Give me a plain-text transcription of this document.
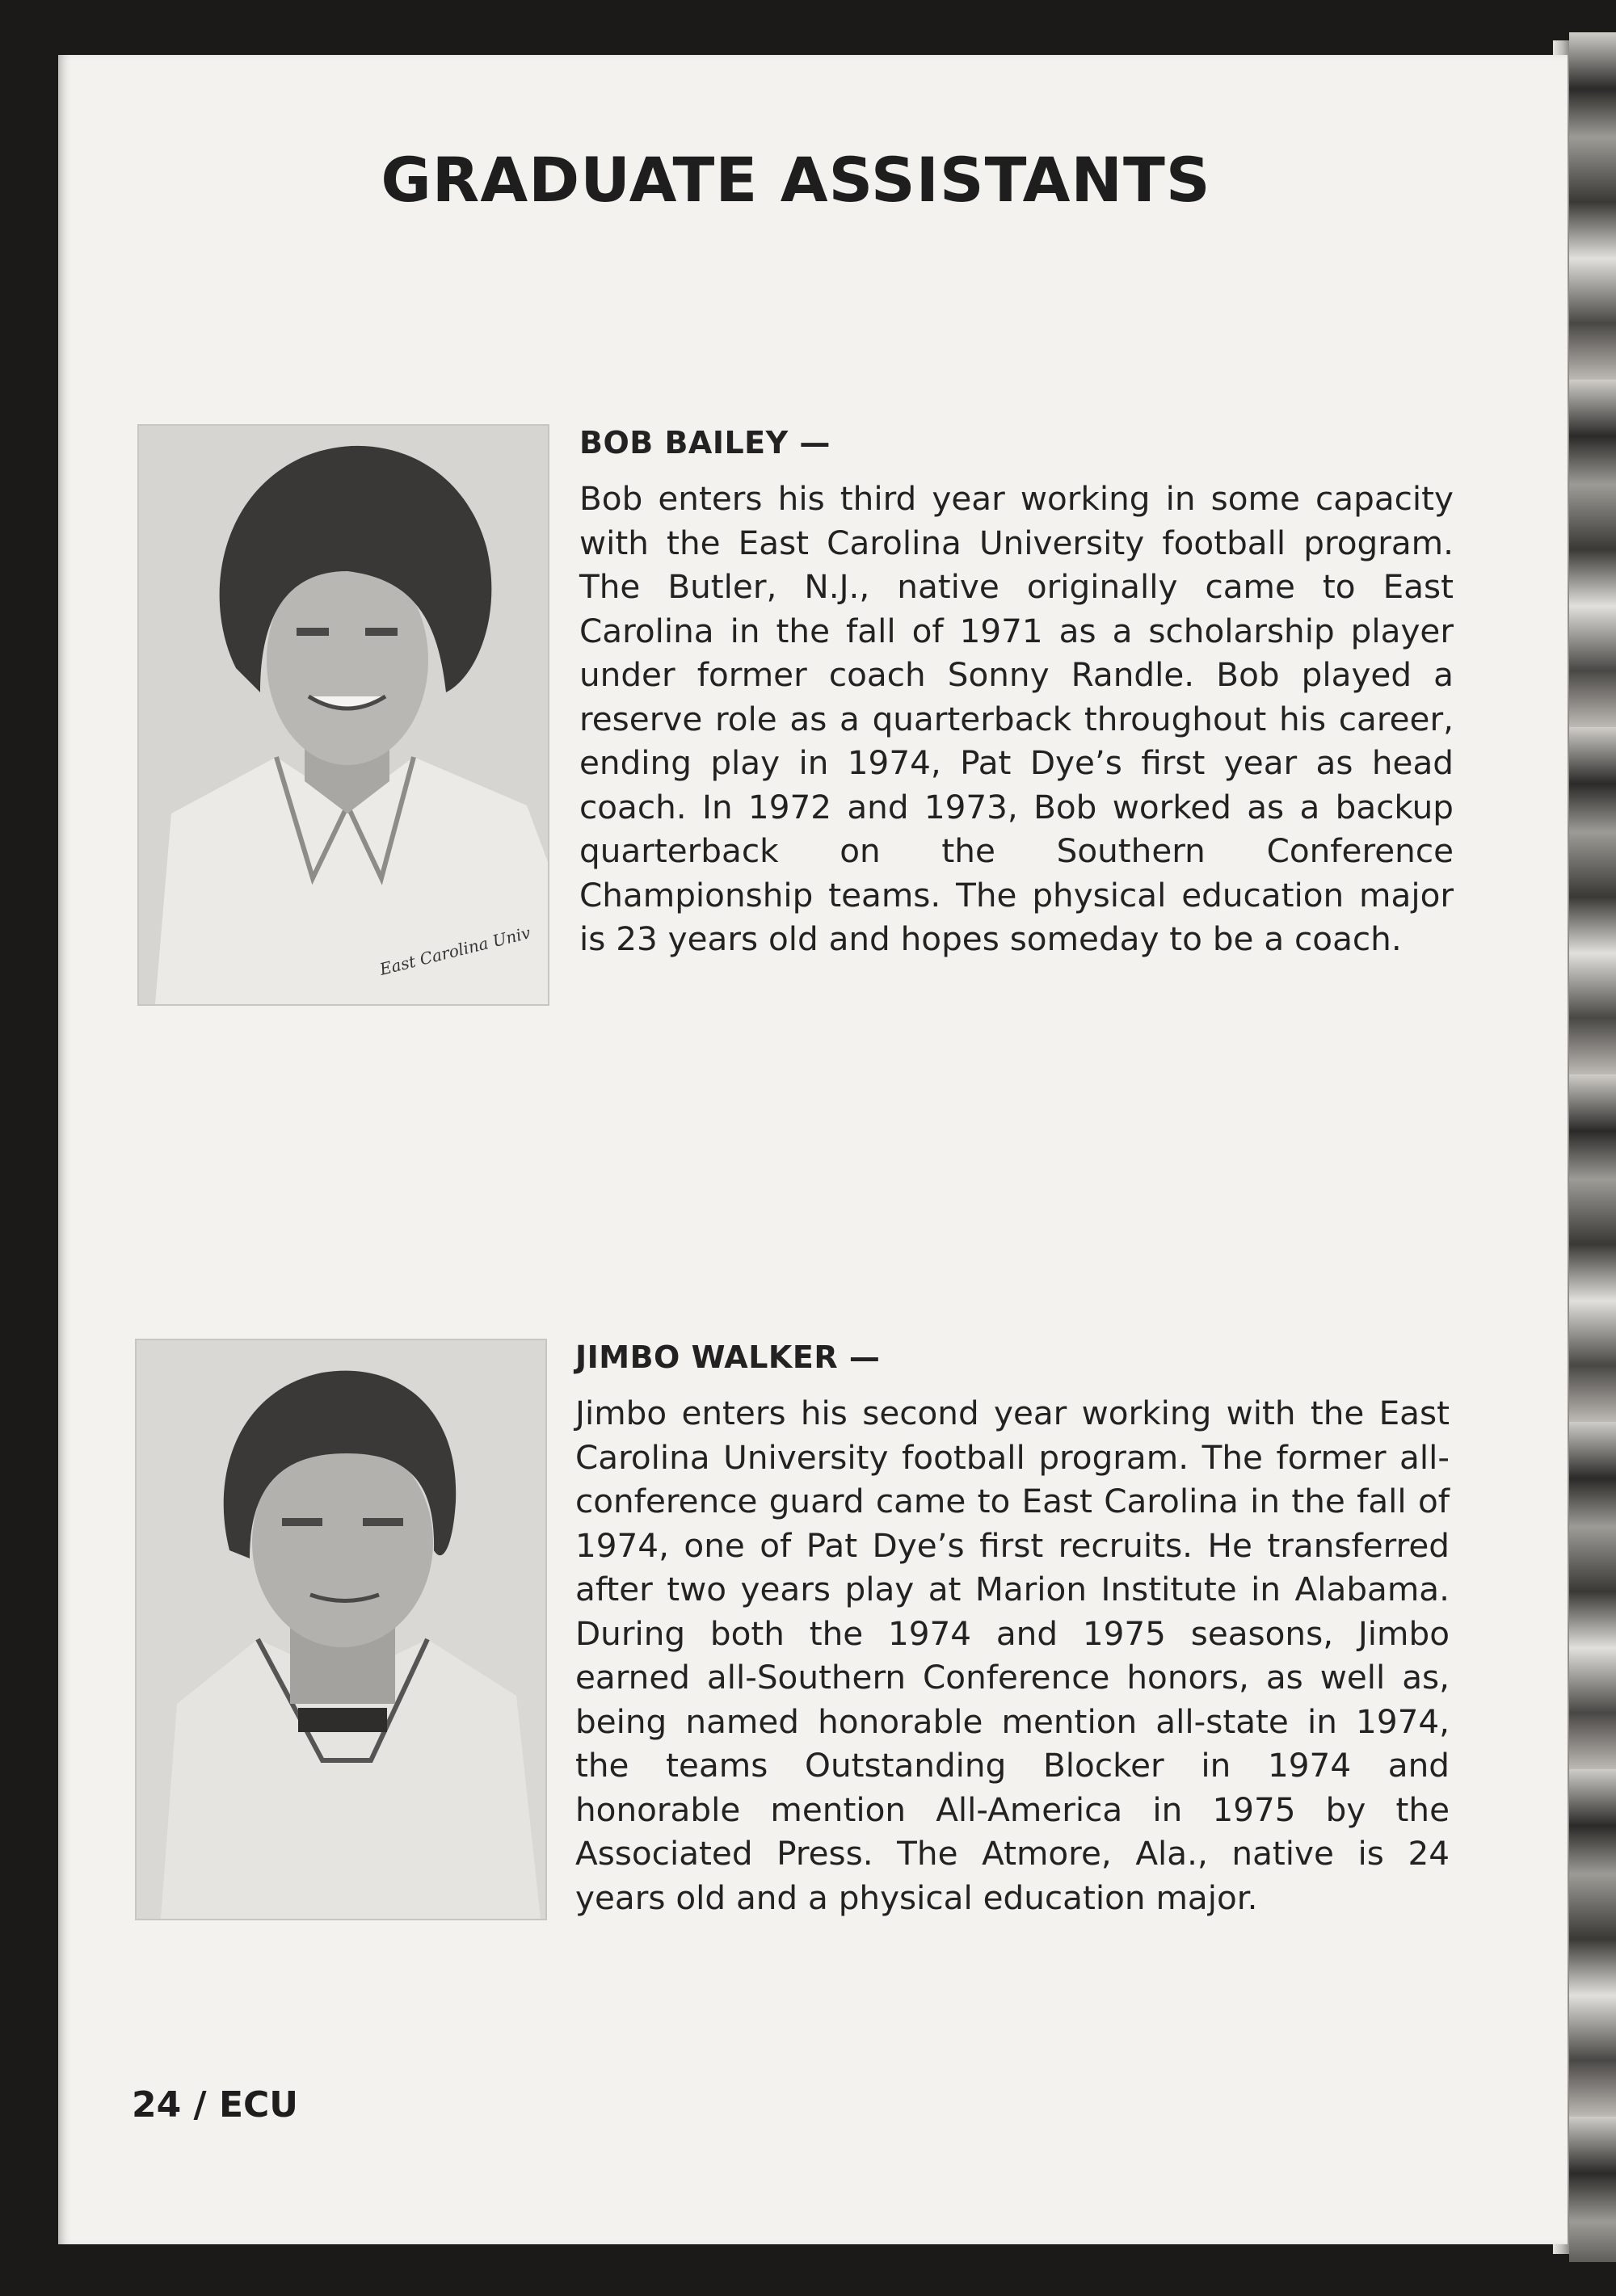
GRADUATE ASSISTANTS
East Carolina Univ

BOB BAILEY —

Bob enters his third year working in some capacity with the East Carolina University football program. The Butler, N.J., native originally came to East Carolina in the fall of 1971 as a scholarship player under former coach Sonny Randle. Bob played a reserve role as a quarterback throughout his career, ending play in 1974, Pat Dye’s first year as head coach. In 1972 and 1973, Bob worked as a backup quarterback on the Southern Conference Championship teams. The physical education major is 23 years old and hopes someday to be a coach.

JIMBO WALKER —

Jimbo enters his second year working with the East Carolina University football program. The former all-conference guard came to East Carolina in the fall of 1974, one of Pat Dye’s first recruits. He transferred after two years play at Marion Institute in Alabama. During both the 1974 and 1975 seasons, Jimbo earned all-Southern Conference honors, as well as, being named honorable mention all-state in 1974, the teams Outstanding Blocker in 1974 and honorable mention All-America in 1975 by the Associated Press. The Atmore, Ala., native is 24 years old and a physical education major.

24 / ECU
